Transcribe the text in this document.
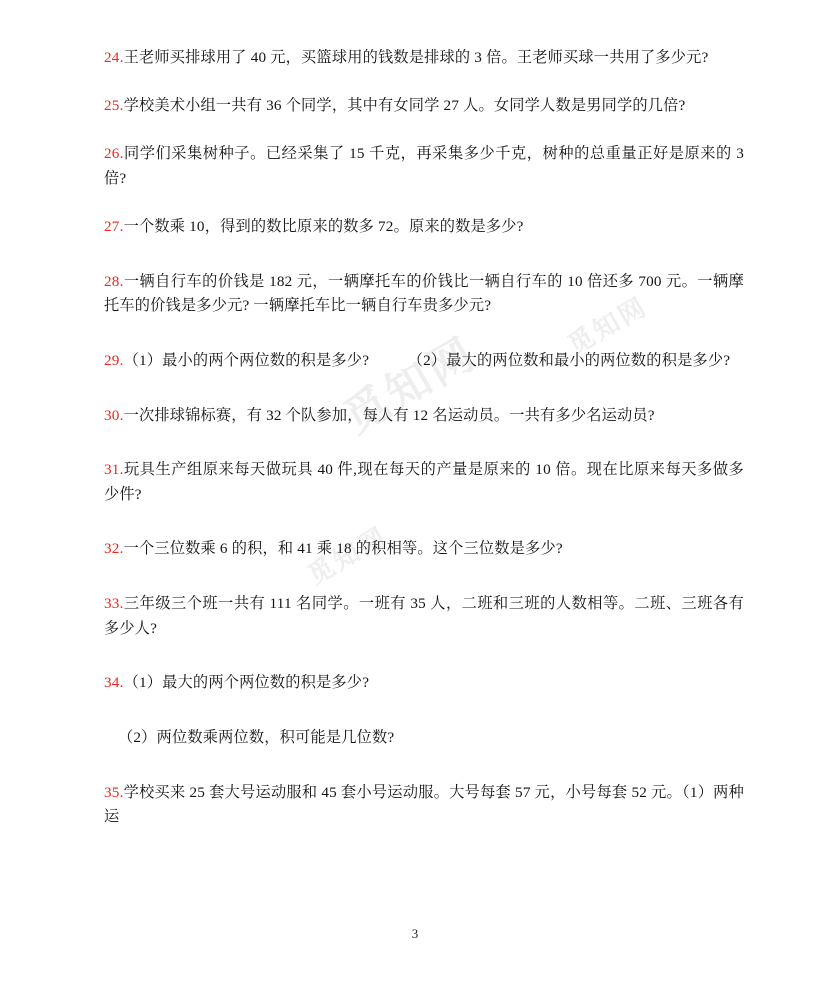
觅知网
觅知网
觅知网

24.王老师买排球用了 40 元，买篮球用的钱数是排球的 3 倍。王老师买球一共用了多少元?

25.学校美术小组一共有 36 个同学，其中有女同学 27 人。女同学人数是男同学的几倍?

26.同学们采集树种子。已经采集了 15 千克，再采集多少千克，树种的总重量正好是原来的 3 倍?

27.一个数乘 10，得到的数比原来的数多 72。原来的数是多少?

28.一辆自行车的价钱是 182 元，一辆摩托车的价钱比一辆自行车的 10 倍还多 700 元。一辆摩托车的价钱是多少元? 一辆摩托车比一辆自行车贵多少元?

29.（1）最小的两个两位数的积是多少?　　　（2）最大的两位数和最小的两位数的积是多少?

30.一次排球锦标赛，有 32 个队参加，每人有 12 名运动员。一共有多少名运动员?

31.玩具生产组原来每天做玩具 40 件,现在每天的产量是原来的 10 倍。现在比原来每天多做多少件?

32.一个三位数乘 6 的积，和 41 乘 18 的积相等。这个三位数是多少?

33.三年级三个班一共有 111 名同学。一班有 35 人，二班和三班的人数相等。二班、三班各有多少人?

34.（1）最大的两个两位数的积是多少?

（2）两位数乘两位数，积可能是几位数?

35.学校买来 25 套大号运动服和 45 套小号运动服。大号每套 57 元，小号每套 52 元。（1）两种运

3
